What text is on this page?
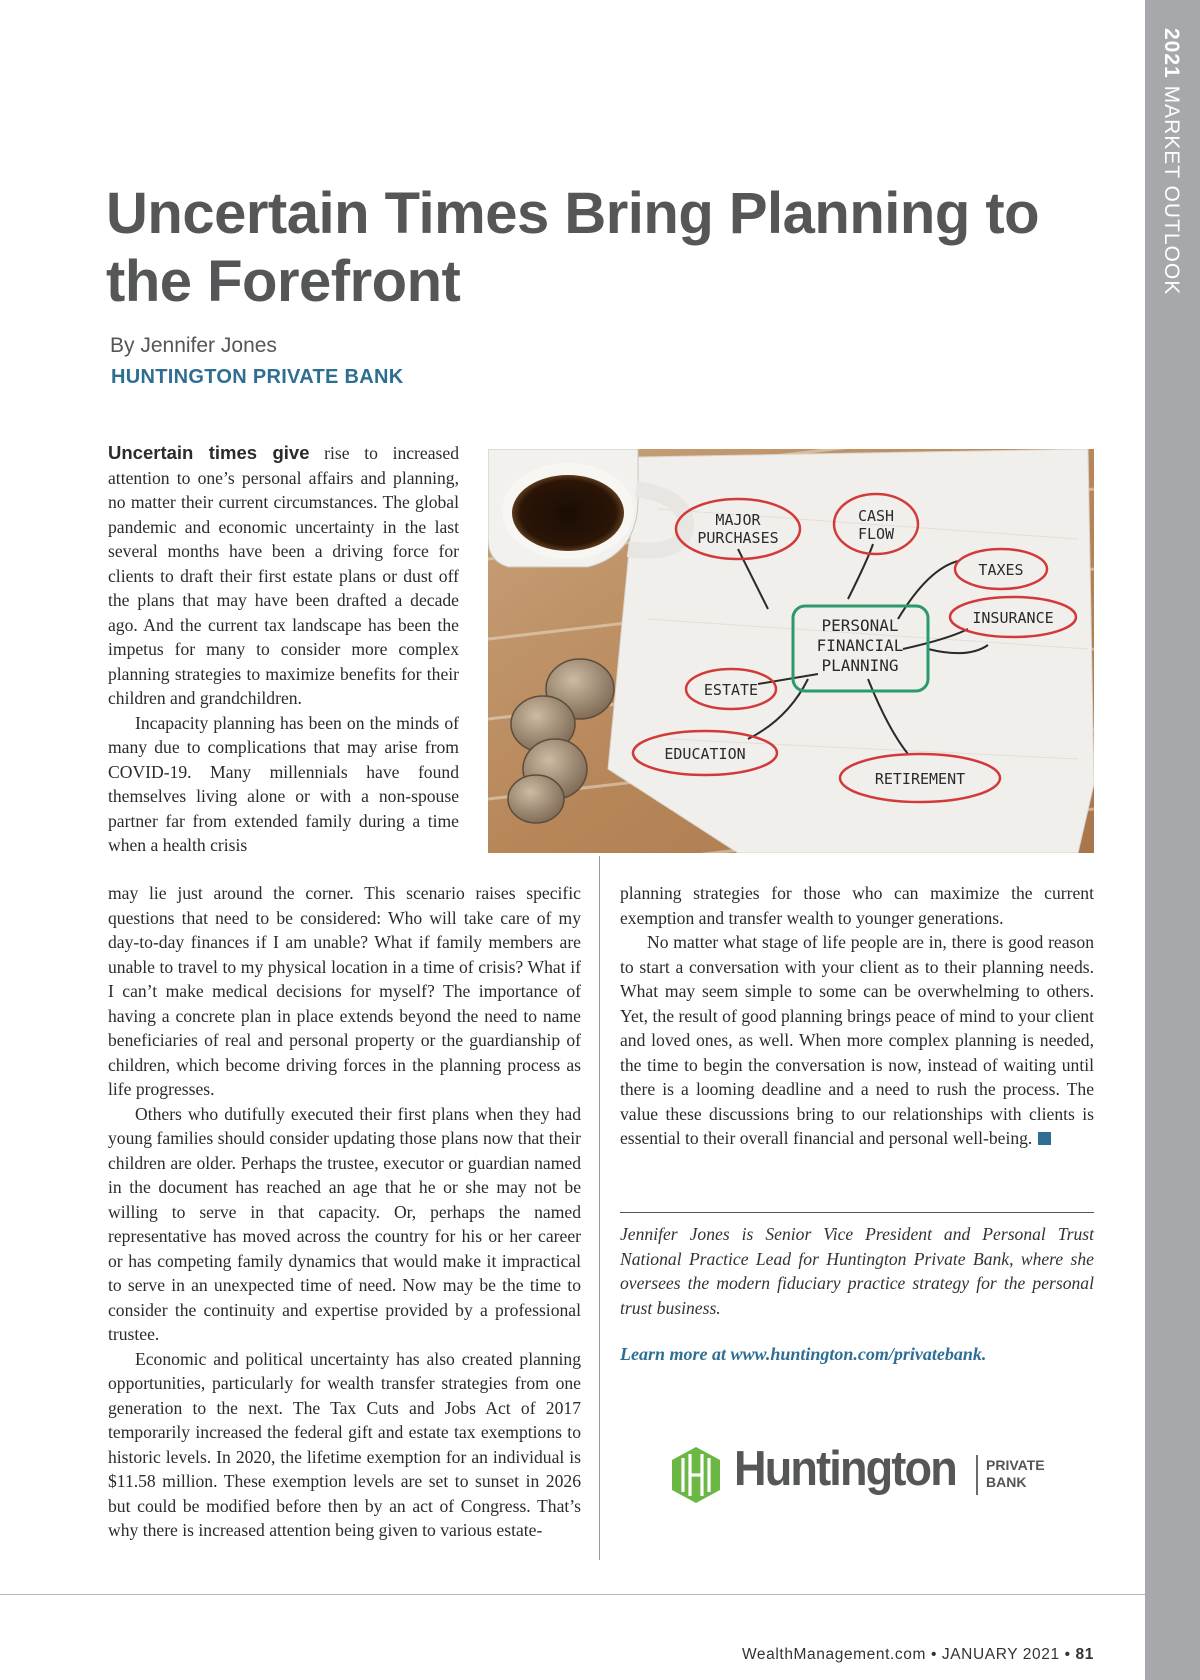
2021 MARKET OUTLOOK
Uncertain Times Bring Planning to the Forefront
By Jennifer Jones
HUNTINGTON PRIVATE BANK
PERSONAL
FINANCIAL
PLANNING
MAJOR
PURCHASES
CASH
FLOW
TAXES
INSURANCE
ESTATE
EDUCATION
RETIREMENT

Uncertain times give rise to increased attention to one’s personal affairs and planning, no matter their current circumstances. The global pandemic and economic uncertainty in the last several months have been a driving force for clients to draft their first estate plans or dust off the plans that may have been drafted a decade ago. And the current tax landscape has been the impetus for many to consider more complex planning strategies to maximize benefits for their children and grandchildren.

Incapacity planning has been on the minds of many due to complications that may arise from COVID-19. Many millennials have found themselves living alone or with a non-spouse partner far from extended family during a time when a health crisis

may lie just around the corner. This scenario raises specific questions that need to be considered: Who will take care of my day-to-day finances if I am unable? What if family members are unable to travel to my physical location in a time of crisis? What if I can’t make medical decisions for myself? The importance of having a concrete plan in place extends beyond the need to name beneficiaries of real and personal property or the guardianship of children, which become driving forces in the planning process as life progresses.

Others who dutifully executed their first plans when they had young families should consider updating those plans now that their children are older. Perhaps the trustee, executor or guardian named in the document has reached an age that he or she may not be willing to serve in that capacity. Or, perhaps the named representative has moved across the country for his or her career or has competing family dynamics that would make it impractical to serve in an unexpected time of need. Now may be the time to consider the continuity and expertise provided by a professional trustee.

Economic and political uncertainty has also created planning opportunities, particularly for wealth transfer strategies from one generation to the next. The Tax Cuts and Jobs Act of 2017 temporarily increased the federal gift and estate tax exemptions to historic levels. In 2020, the lifetime exemption for an individual is $11.58 million. These exemption levels are set to sunset in 2026 but could be modified before then by an act of Congress. That’s why there is increased attention being given to various estate-

planning strategies for those who can maximize the current exemption and transfer wealth to younger generations.

No matter what stage of life people are in, there is good reason to start a conversation with your client as to their planning needs. What may seem simple to some can be overwhelming to others. Yet, the result of good planning brings peace of mind to your client and loved ones, as well. When more complex planning is needed, the time to begin the conversation is now, instead of waiting until there is a looming deadline and a need to rush the process. The value these discussions bring to our relationships with clients is essential to their overall financial and personal well-being.

Jennifer Jones is Senior Vice President and Personal Trust National Practice Lead for Huntington Private Bank, where she oversees the modern fiduciary practice strategy for the personal trust business.

Learn more at www.huntington.com/privatebank.
Huntington PRIVATE
BANK
WealthManagement.com • JANUARY 2021 • 81
